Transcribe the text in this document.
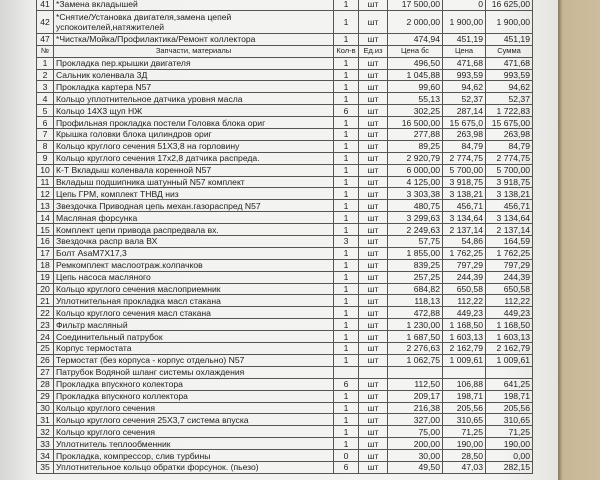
41	*Замена вкладышей	1	шт	17 500,00	0	16 625,00
42	*Снятие/Установка двигателя,замена цепей успокоителей,натяжителей	1	шт	2 000,00	1 900,00	1 900,00
47	*Чистка/Мойка/Профилактика/Ремонт коллектора	1	шт	474,94	451,19	451,19
№	Запчасти, материалы	Кол-в	Ед.из	Цена бс	Цена	Сумма
1	Прокладка пер.крышки двигателя	1	шт	496,50	471,68	471,68
2	Сальник коленвала 3Д	1	шт	1 045,88	993,59	993,59
3	Прокладка картера N57	1	шт	99,60	94,62	94,62
4	Кольцо уплотнительное датчика уровня масла	1	шт	55,13	52,37	52,37
5	Кольцо 14X3 щуп НЖ	6	шт	302,25	287,14	1 722,83
6	Профильная прокладка постели Головка блока ориг	1	шт	16 500,00	15 675,0	15 675,00
7	Крышка головки блока цилиндров ориг	1	шт	277,88	263,98	263,98
8	Кольцо круглого сечения 51X3,8 на горловину	1	шт	89,25	84,79	84,79
9	Кольцо круглого сечения 17x2,8 датчика распреда.	1	шт	2 920,79	2 774,75	2 774,75
10	К-Т Вкладыш коленвала коренной N57	1	шт	6 000,00	5 700,00	5 700,00
11	Вкладыш подшипника шатунный N57 комплект	1	шт	4 125,00	3 918,75	3 918,75
12	Цепь ГРМ, комплект ТНВД низ	1	шт	3 303,38	3 138,21	3 138,21
13	Звездочка Приводная цепь механ.газораспред N57	1	шт	480,75	456,71	456,71
14	Масляная форсунка	1	шт	3 299,63	3 134,64	3 134,64
15	Комплект цепи привода распредвала вх.	1	шт	2 249,63	2 137,14	2 137,14
16	Звездочка распр вала ВХ	3	шт	57,75	54,86	164,59
17	Болт AsaM7X17,3	1	шт	1 855,00	1 762,25	1 762,25
18	Ремкомплект маслоотраж.колпачков	1	шт	839,25	797,29	797,29
19	Цепь насоса масляного	1	шт	257,25	244,39	244,39
20	Кольцо круглого сечения маслоприемник	1	шт	684,82	650,58	650,58
21	Уплотнительная прокладка масл стакана	1	шт	118,13	112,22	112,22
22	Кольцо круглого сечения масл стакана	1	шт	472,88	449,23	449,23
23	Фильтр масляный	1	шт	1 230,00	1 168,50	1 168,50
24	Соединительный патрубок	1	шт	1 687,50	1 603,13	1 603,13
25	Корпус термостата	1	шт	2 276,63	2 162,79	2 162,79
26	Термостат (без корпуса - корпус отдельно) N57	1	шт	1 062,75	1 009,61	1 009,61
27	Патрубок Водяной шланг системы охлаждения					
28	Прокладка впускного колектора	6	шт	112,50	106,88	641,25
29	Прокладка впускного коллектора	1	шт	209,17	198,71	198,71
30	Кольцо круглого сечения	1	шт	216,38	205,56	205,56
31	Кольцо круглого сечения 25X3,7 система впуска	1	шт	327,00	310,65	310,65
32	Кольцо круглого сечения	1	шт	75,00	71,25	71,25
33	Уплотнитель теплообменник	1	шт	200,00	190,00	190,00
34	Прокладка, компрессор, слив турбины	0	шт	30,00	28,50	0,00
35	Уплотнительное кольцо обратки форсунок. (пьезо)	6	шт	49,50	47,03	282,15
